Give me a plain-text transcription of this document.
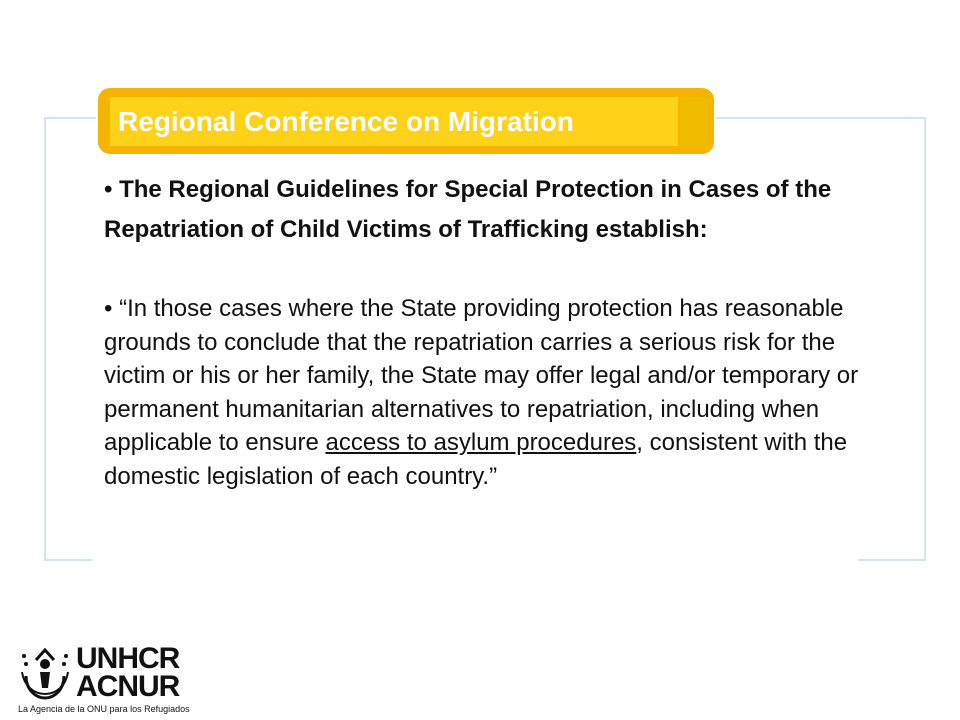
Regional Conference on Migration

• The Regional Guidelines for Special Protection in Cases of the Repatriation of Child Victims of Trafficking establish:

• “In those cases where the State providing protection has reasonable grounds to conclude that the repatriation carries a serious risk for the victim or his or her family, the State may offer legal and/or temporary or permanent humanitarian alternatives to repatriation, including when applicable to ensure access to asylum procedures, consistent with the domestic legislation of each country.”

UNHCR
ACNUR
La Agencia de la ONU para los Refugiados
